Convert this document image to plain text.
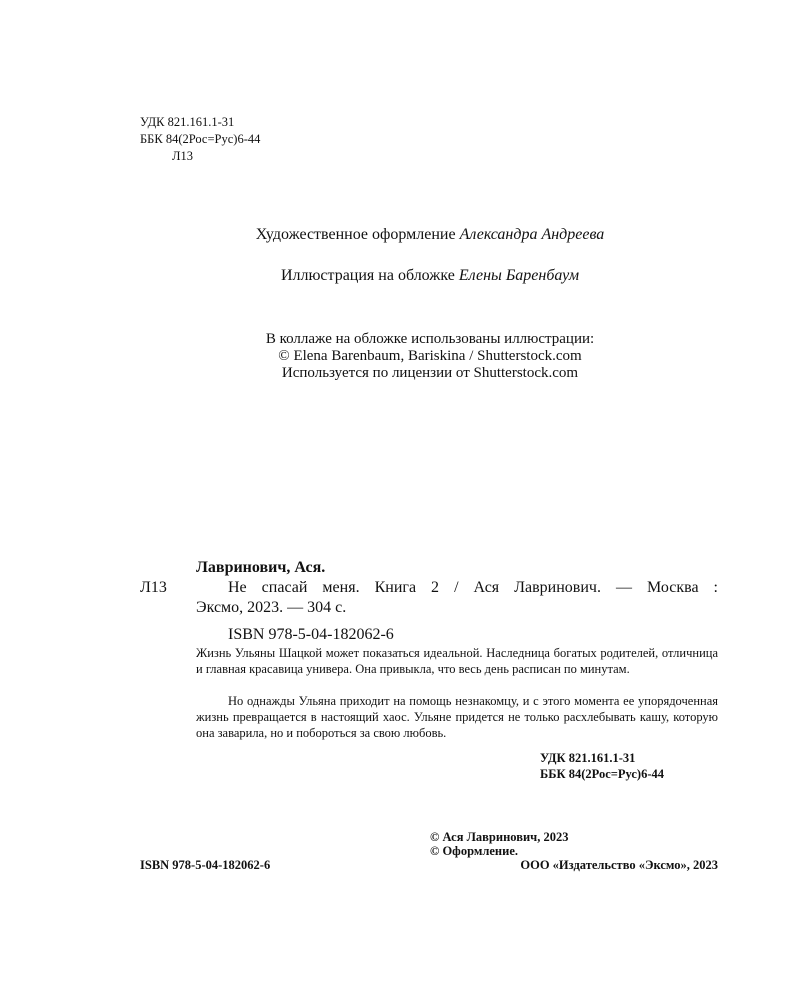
УДК 821.161.1-31
ББК 84(2Рос=Рус)6-44
Л13
Художественное оформление Александра Андреева
Иллюстрация на обложке Елены Баренбаум
В коллаже на обложке использованы иллюстрации:
© Elena Barenbaum, Bariskina / Shutterstock.com
Используется по лицензии от Shutterstock.com
Лавринович, Ася.
Л13	Не спасай меня. Книга 2 / Ася Лавринович. — Москва :
Эксмо, 2023. — 304 с.
ISBN 978-5-04-182062-6
Жизнь Ульяны Шацкой может показаться идеальной. Наследница богатых родителей, отличница и главная красавица универа. Она привыкла, что весь день расписан по минутам.
Но однажды Ульяна приходит на помощь незнакомцу, и с этого момента ее упорядоченная жизнь превращается в настоящий хаос. Ульяне придется не только расхлебывать кашу, которую она заварила, но и побороться за свою любовь.
УДК 821.161.1-31
ББК 84(2Рос=Рус)6-44
ISBN 978-5-04-182062-6
© Ася Лавринович, 2023
© Оформление.
ООО «Издательство «Эксмо», 2023
